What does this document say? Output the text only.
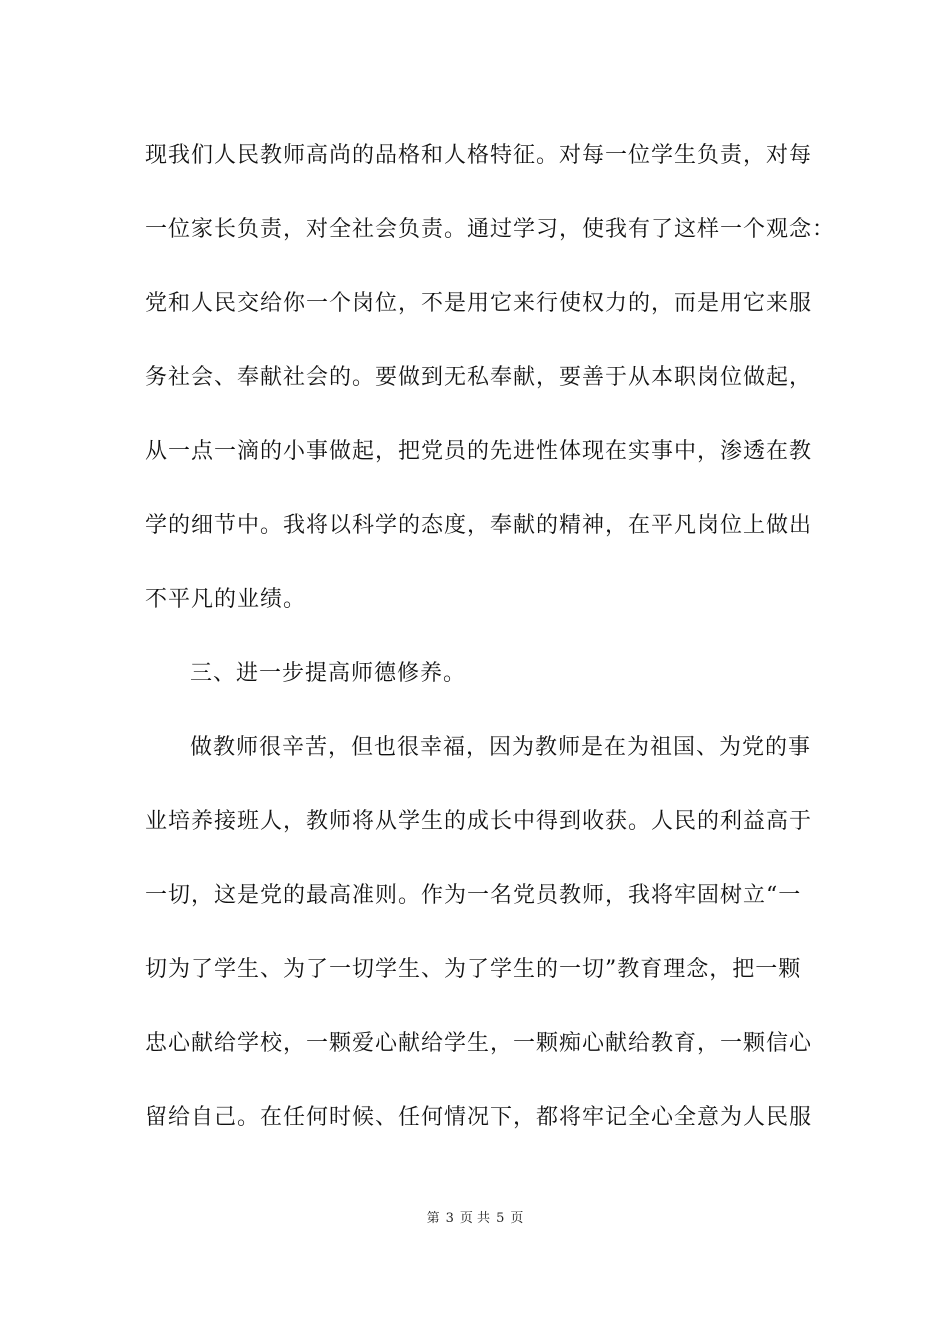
现我们人民教师高尚的品格和人格特征。对每一位学生负责，对每
一位家长负责，对全社会负责。通过学习，使我有了这样一个观念：
党和人民交给你一个岗位，不是用它来行使权力的，而是用它来服
务社会、奉献社会的。要做到无私奉献，要善于从本职岗位做起，
从一点一滴的小事做起，把党员的先进性体现在实事中，渗透在教
学的细节中。我将以科学的态度，奉献的精神，在平凡岗位上做出
不平凡的业绩。
三、进一步提高师德修养。
做教师很辛苦，但也很幸福，因为教师是在为祖国、为党的事
业培养接班人，教师将从学生的成长中得到收获。人民的利益高于
一切，这是党的最高准则。作为一名党员教师，我将牢固树立“一
切为了学生、为了一切学生、为了学生的一切”教育理念，把一颗
忠心献给学校，一颗爱心献给学生，一颗痴心献给教育，一颗信心
留给自己。在任何时候、任何情况下，都将牢记全心全意为人民服
第 3 页 共 5 页
